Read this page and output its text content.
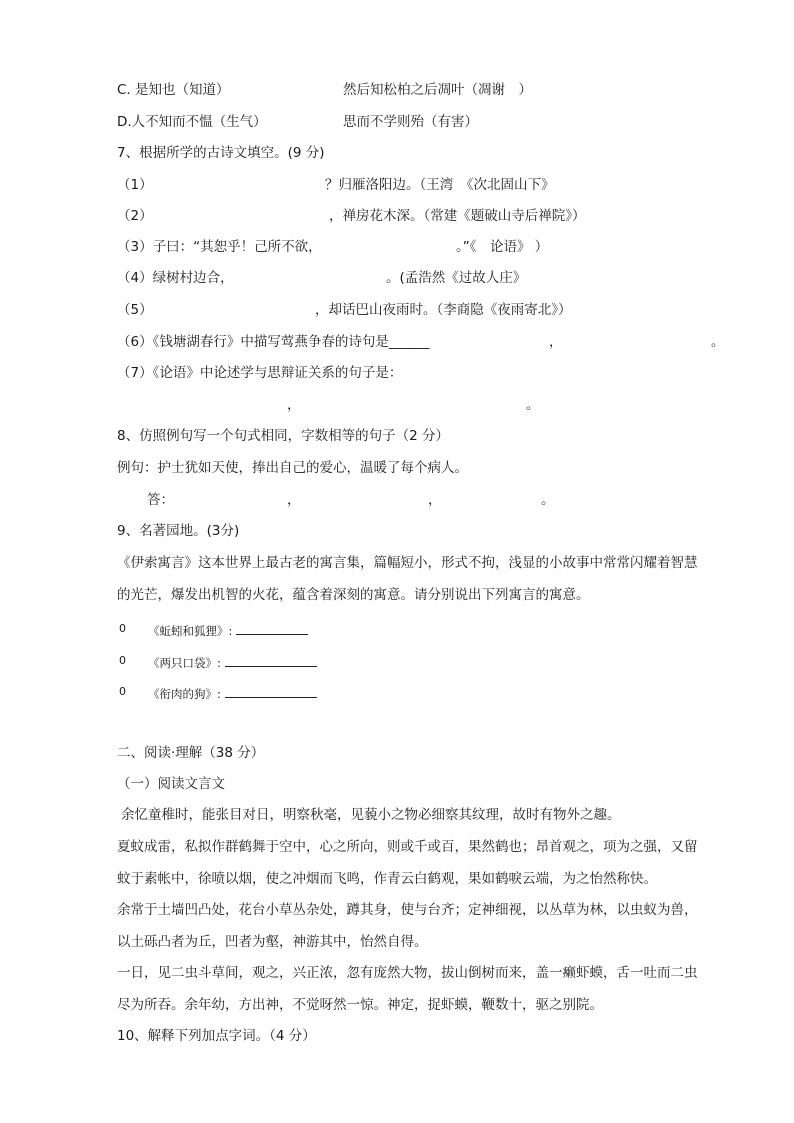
C. 是知也（知道）	然后知松柏之后凋叶（凋谢　）
D.人不知而不愠（生气）	思而不学则殆（有害）
7、根据所学的古诗文填空。(9 分)
（1）	？归雁洛阳边。（王湾　《次北固山下》
（2）	，禅房花木深。（常建《题破山寺后禅院》）
（3）子曰：“其恕乎！己所不欲，	。”《　论语》 ）
（4）绿树村边合，	。(孟浩然《过故人庄》
（5）	，却话巴山夜雨时。（李商隐《夜雨寄北》）
（6）《钱塘湖春行》中描写莺燕争春的诗句是______	，	。
（7）《论语》中论述学与思辩证关系的句子是：
，	。
8、仿照例句写一个句式相同，字数相等的句子（2 分）
例句：护士犹如天使，捧出自己的爱心，温暖了每个病人。
答：	，	，	。
9、名著园地。(3分)
《伊索寓言》这本世界上最古老的寓言集，篇幅短小，形式不拘，浅显的小故事中常常闪耀着智慧
的光芒，爆发出机智的火花，蕴含着深刻的寓意。请分别说出下列寓言的寓意。
0 《蚯蚓和狐狸》:
0 《两只口袋》:
0 《衔肉的狗》:
二、阅读·理解（38 分）
（一）阅读文言文
余忆童稚时，能张目对日，明察秋毫，见藐小之物必细察其纹理，故时有物外之趣。
夏蚊成雷，私拟作群鹤舞于空中，心之所向，则或千或百，果然鹤也；昂首观之，项为之强，又留
蚊于素帐中，徐喷以烟，使之冲烟而飞鸣，作青云白鹤观，果如鹤唳云端，为之怡然称快。
余常于土墙凹凸处，花台小草丛杂处，蹲其身，使与台齐；定神细视，以丛草为林，以虫蚁为兽，
以土砾凸者为丘，凹者为壑，神游其中，怡然自得。
一日，见二虫斗草间，观之，兴正浓，忽有庞然大物，拔山倒树而来，盖一癞虾蟆，舌一吐而二虫
尽为所吞。余年幼，方出神，不觉呀然一惊。神定，捉虾蟆，鞭数十，驱之别院。
10、解释下列加点字词。（4 分）
